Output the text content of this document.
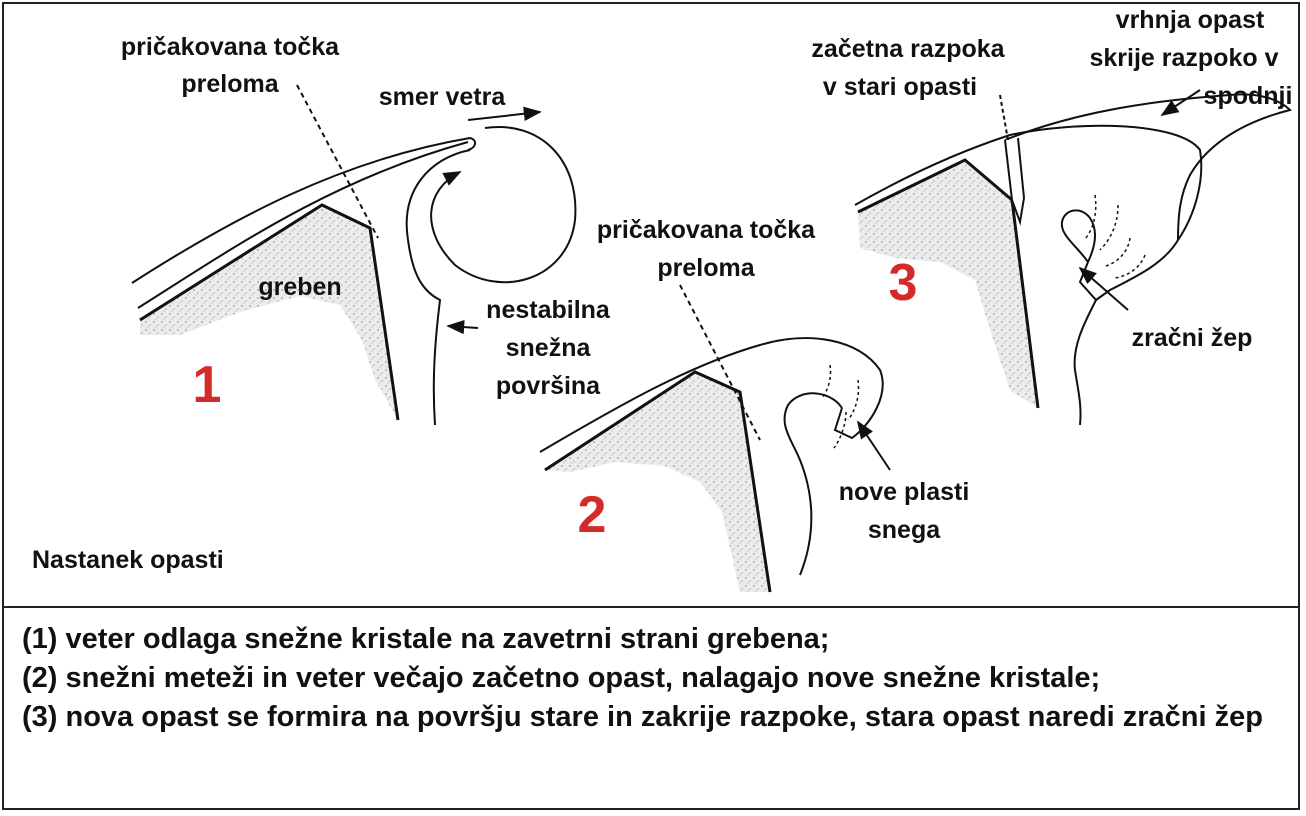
pričakovana točka
preloma	smer vetra
greben
nestabilna
snežna
površina
1
pričakovana točka
preloma
nove plasti
snega
2
začetna razpoka
v stari opasti
vrhnja opast
skrije razpoko v
spodnji
zračni žep
3
Nastanek opasti
(1) veter odlaga snežne kristale na zavetrni strani grebena;
(2) snežni meteži in veter večajo začetno opast, nalagajo nove snežne kristale;
(3) nova opast se formira na površju stare in zakrije razpoke, stara opast naredi zračni žep
